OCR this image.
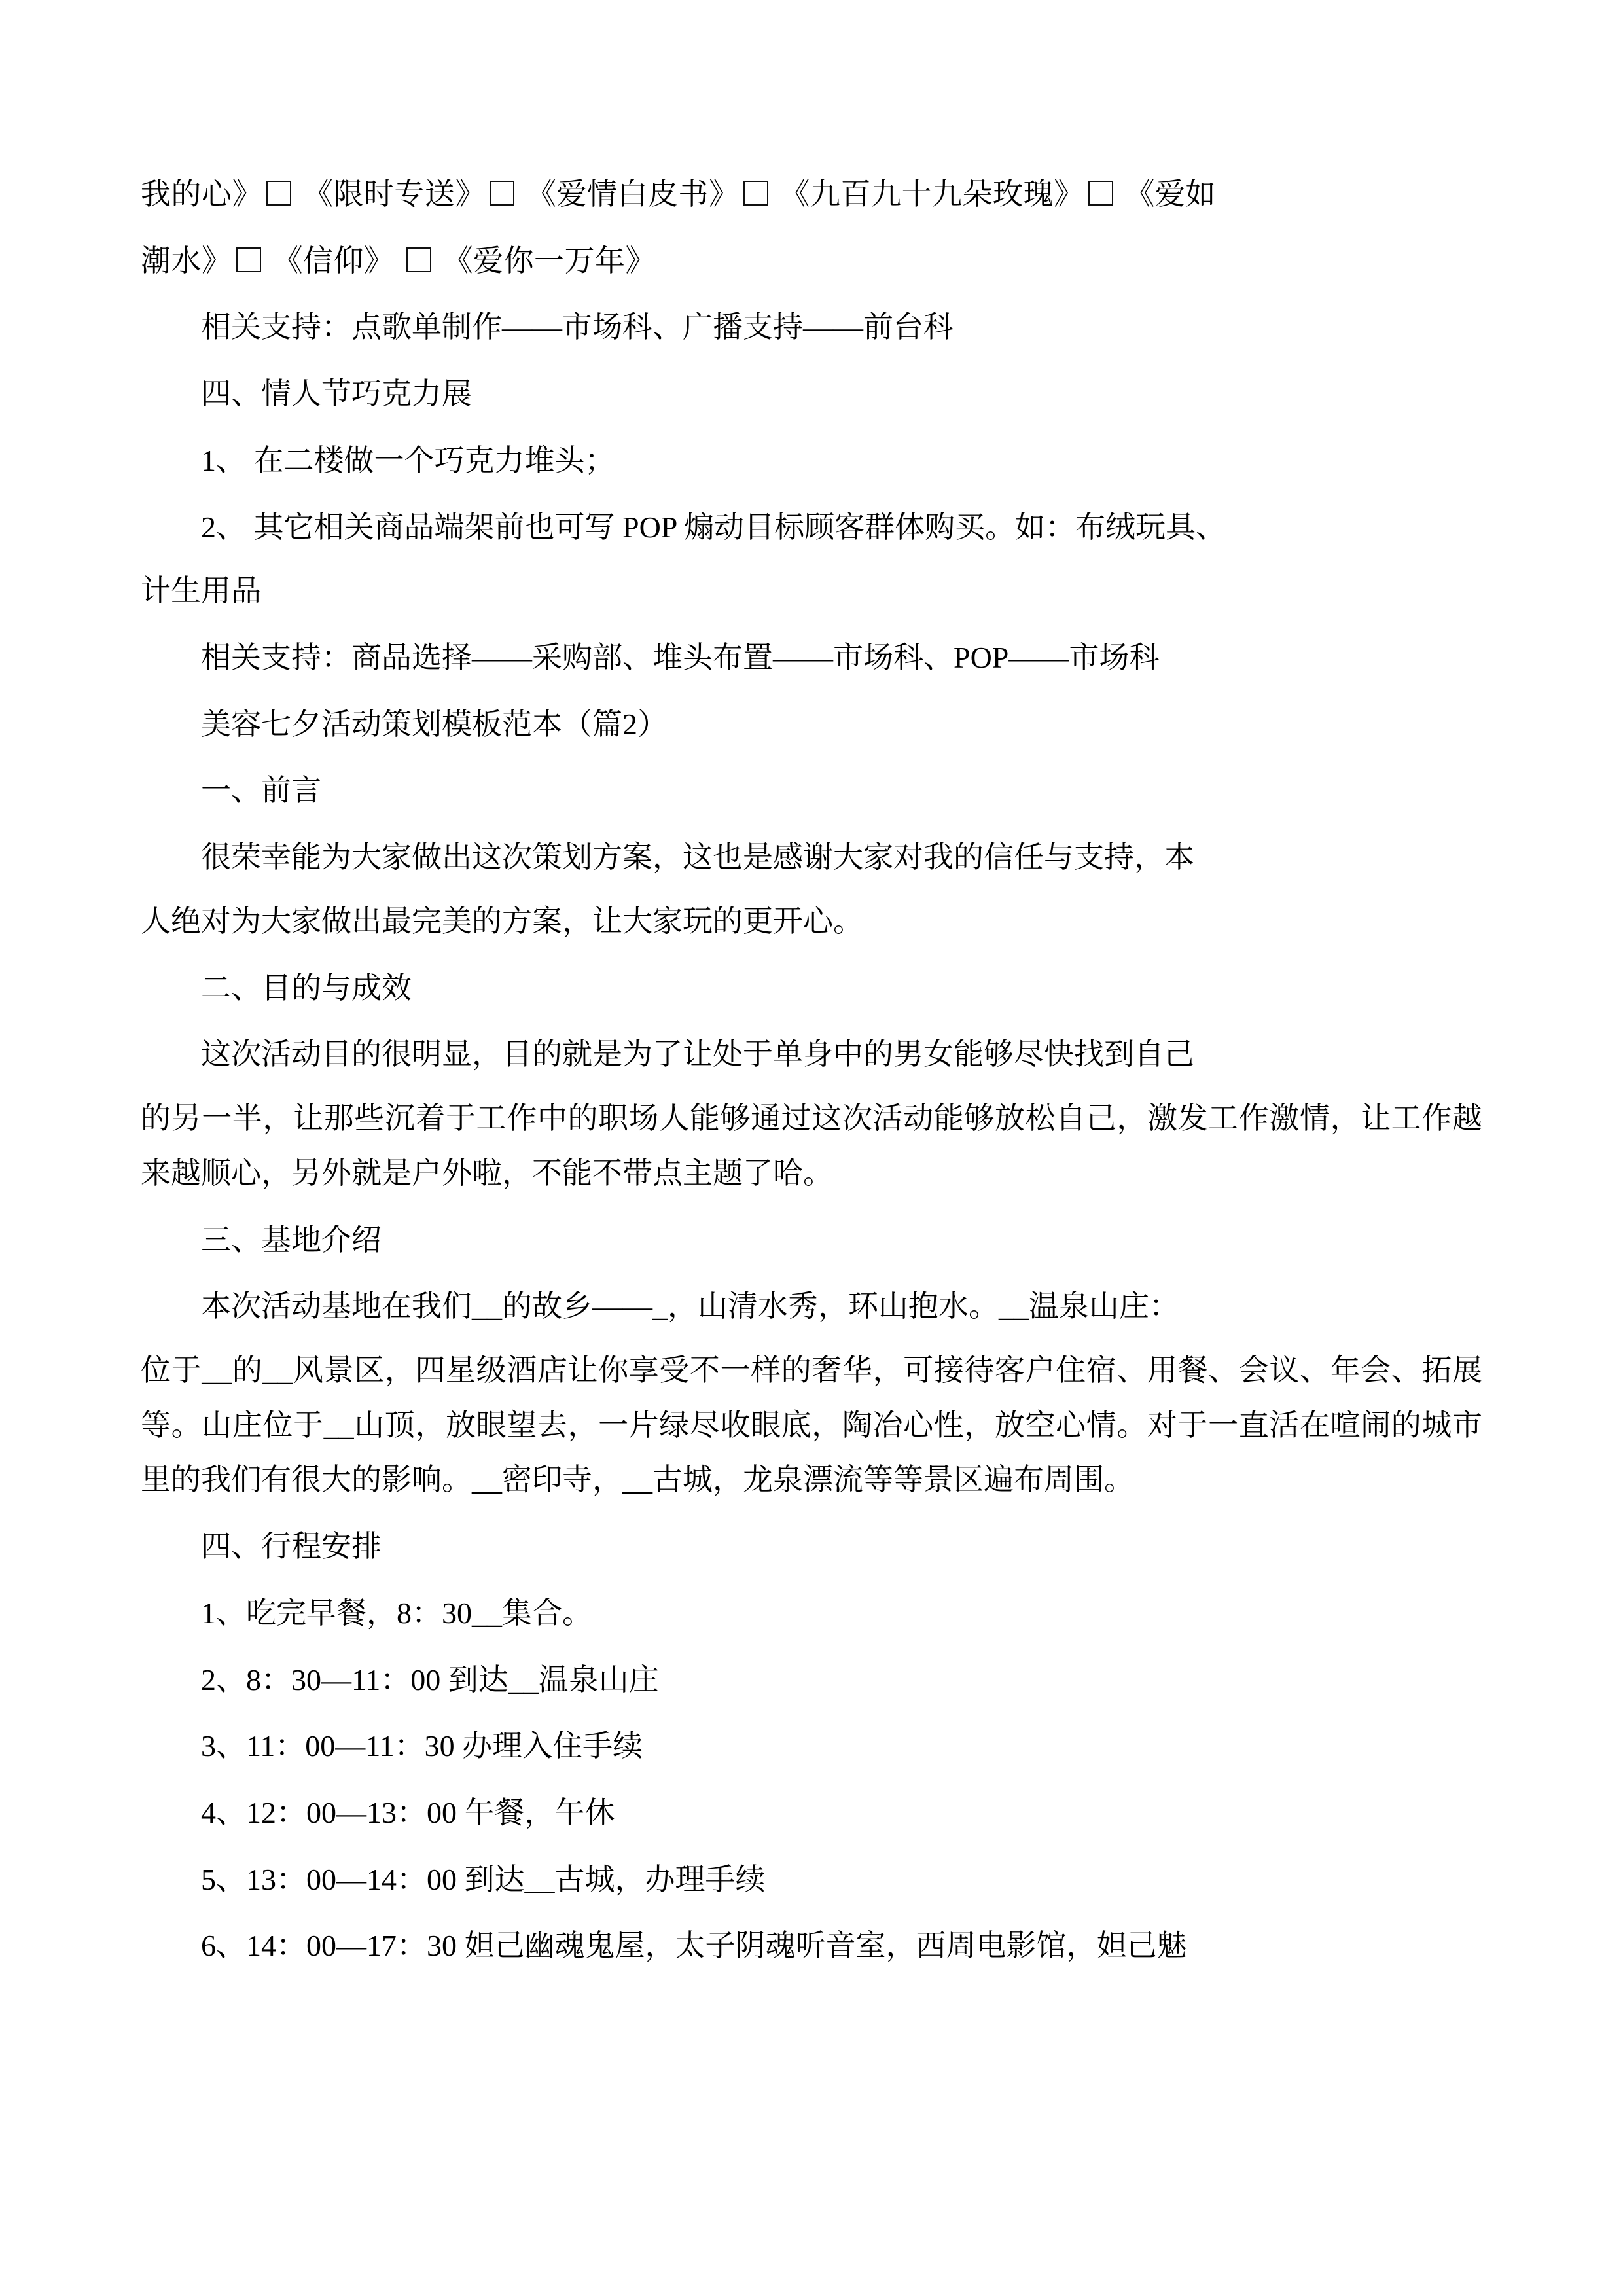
我的心》 《限时专送》 《爱情白皮书》 《九百九十九朵玫瑰》 《爱如

潮水》 《信仰》  《爱你一万年》

相关支持：点歌单制作——市场科、广播支持——前台科

四、情人节巧克力展

1、 在二楼做一个巧克力堆头；

2、 其它相关商品端架前也可写 POP 煽动目标顾客群体购买。如：布绒玩具、

计生用品

相关支持：商品选择——采购部、堆头布置——市场科、POP——市场科

美容七夕活动策划模板范本（篇2）

一、前言

很荣幸能为大家做出这次策划方案，这也是感谢大家对我的信任与支持，本

人绝对为大家做出最完美的方案，让大家玩的更开心。

二、目的与成效

这次活动目的很明显，目的就是为了让处于单身中的男女能够尽快找到自己

的另一半，让那些沉着于工作中的职场人能够通过这次活动能够放松自己，激发工作激情，让工作越来越顺心，另外就是户外啦，不能不带点主题了哈。

三、基地介绍

本次活动基地在我们__的故乡——_，山清水秀，环山抱水。__温泉山庄：

位于__的__风景区，四星级酒店让你享受不一样的奢华，可接待客户住宿、用餐、会议、年会、拓展等。山庄位于__山顶，放眼望去，一片绿尽收眼底，陶冶心性，放空心情。对于一直活在喧闹的城市里的我们有很大的影响。__密印寺，__古城，龙泉漂流等等景区遍布周围。

四、行程安排

1、吃完早餐，8：30__集合。

2、8：30—11：00 到达__温泉山庄

3、11：00—11：30 办理入住手续

4、12：00—13：00 午餐，午休

5、13：00—14：00 到达__古城，办理手续

6、14：00—17：30 妲己幽魂鬼屋，太子阴魂听音室，西周电影馆，妲己魅
